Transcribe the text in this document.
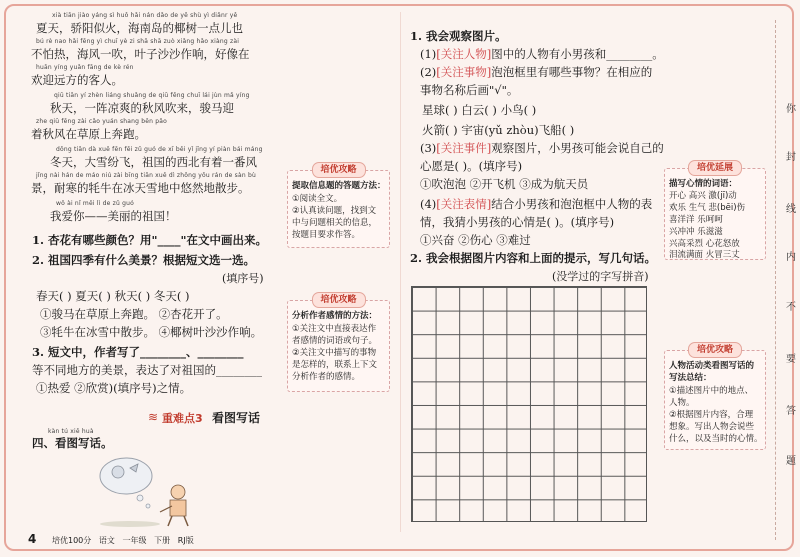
xià tiān jiào yáng sì huǒ hǎi nán dǎo de yē shù yì diǎnr yě
夏天，骄阳似火，海南岛的椰树一点儿也
bú rè nao hǎi fēng yì chuī yè zi shā shā zuò xiǎng hǎo xiàng zài
不怕热，海风一吹，叶子沙沙作响，好像在
huān yíng yuǎn fāng de kè rén
欢迎远方的客人。
qiū tiān yí zhèn liáng shuǎng de qiū fēng chuī lái jùn mǎ yíng
秋天，一阵凉爽的秋风吹来，骏马迎
zhe qiū fēng zài cǎo yuán shang bēn pǎo
着秋风在草原上奔跑。
dōng tiān dà xuě fēn fēi zǔ guó de xī běi yǐ jīng yí piàn bái máng
冬天，大雪纷飞，祖国的西北有着一番风
jǐng nài hán de máo niú zài bīng tiān xuě dì zhōng yōu rán de sàn bù
景，耐寒的牦牛在冰天雪地中悠然地散步。
wǒ ài nǐ měi lì de zǔ guó
我爱你——美丽的祖国！
1. 杏花有哪些颜色？用"____"在文中画出来。
2. 祖国四季有什么美景？根据短文选一选。
(填序号)
春天( ) 夏天( ) 秋天( ) 冬天( )
①骏马在草原上奔跑。 ②杏花开了。
③牦牛在冰雪中散步。 ④椰树叶沙沙作响。
3. 短文中，作者写了________、________
等不同地方的美景，表达了对祖国的________
①热爱 ②欣赏)(填序号)之情。
≋ 重难点3 看图写话
kàn tú xiě huà
四、看图写话。
培优攻略
提取信息题的答题方法：
①阅读全文。
②认真读问题，找到文
中与问题相关的信息，
按题目要求作答。
培优攻略
分析作者感情的方法：
①关注文中直接表达作
者感情的词语或句子。
②关注文中描写的事物
是怎样的，联系上下文
分析作者的感情。
1. 我会观察图片。
(1)[关注人物]图中的人物有小男孩和________。
(2)[关注事物]泡泡框里有哪些事物？在相应的
事物名称后画"√"。
星球( ) 白云( ) 小鸟( )
火箭( ) 宇宙(yǔ zhòu)飞船( )
(3)[关注事件]观察图片，小男孩可能会说自己的
心愿是( )。(填序号)
①吹泡泡 ②开飞机 ③成为航天员
(4)[关注表情]结合小男孩和泡泡框中人物的表
情，我猜小男孩的心情是( )。(填序号)
①兴奋 ②伤心 ③难过
2. 我会根据图片内容和上面的提示，写几句话。
(没学过的字写拼音)
培优延展
描写心情的词语：
开心 高兴 激(jī)动
欢乐 生气 悲(bēi)伤
喜洋洋 乐呵呵
兴冲冲 乐滋滋
兴高采烈 心花怒放
泪流满面 火冒三丈
培优攻略
人物活动类看图写话的
写法总结：
①描述图片中的地点、
人物。
②根据图片内容，合理
想象。写出人物会说些
什么，以及当时的心情。
你
封
线
内
不
要
答
题
4 培优100分   语文   一年级   下册   RJ版
